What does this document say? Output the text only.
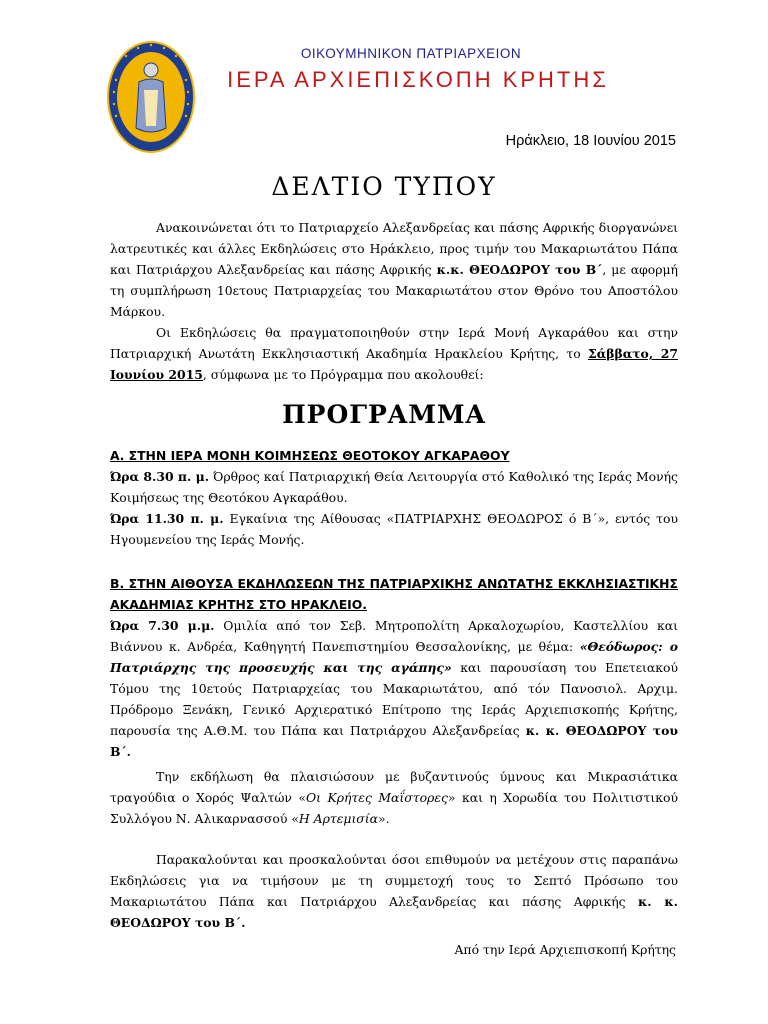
ΟΙΚΟΥΜΗΝΙΚΟΝ ΠΑΤΡΙΑΡΧΕΙΟΝ
ΙΕΡΑ ΑΡΧΙΕΠΙΣΚΟΠΗ ΚΡΗΤΗΣ
Ηράκλειο, 18 Ιουνίου 2015
ΔΕΛΤΙΟ ΤΥΠΟΥ
Ανακοινώνεται ότι το Πατριαρχείο Αλεξανδρείας και πάσης Αφρικής διοργανώνει λατρευτικές και άλλες Εκδηλώσεις στο Ηράκλειο, προς τιμήν του Μακαριωτάτου Πάπα και Πατριάρχου Αλεξανδρείας και πάσης Αφρικής κ.κ. ΘΕΟΔΩΡΟΥ του Β΄, με αφορμή τη συμπλήρωση 10ετους Πατριαρχείας του Μακαριωτάτου στον Θρόνο του Αποστόλου Μάρκου.
Οι Εκδηλώσεις θα πραγματοποιηθούν στην Ιερά Μονή Αγκαράθου και στην Πατριαρχική Ανωτάτη Εκκλησιαστική Ακαδημία Ηρακλείου Κρήτης, το Σάββατο, 27 Ιουνίου 2015, σύμφωνα με το Πρόγραμμα που ακολουθεί:
ΠΡΟΓΡΑΜΜΑ
Α. ΣΤΗΝ ΙΕΡΑ ΜΟΝΗ ΚΟΙΜΗΣΕΩΣ ΘΕΟΤΟΚΟΥ ΑΓΚΑΡΑΘΟΥ
Ώρα 8.30 π. μ. Όρθρος καί Πατριαρχική Θεία Λειτουργία στό Καθολικό της Ιεράς Μονής Κοιμήσεως της Θεοτόκου Αγκαράθου.
Ώρα 11.30 π. μ. Εγκαίνια της Αίθουσας «ΠΑΤΡΙΑΡΧΗΣ ΘΕΟΔΩΡΟΣ ό Β΄», εντός του Ηγουμενείου της Ιεράς Μονής.
Β. ΣΤΗΝ ΑΙΘΟΥΣΑ ΕΚΔΗΛΩΣΕΩΝ ΤΗΣ ΠΑΤΡΙΑΡΧΙΚΗΣ ΑΝΩΤΑΤΗΣ ΕΚΚΛΗΣΙΑΣΤΙΚΗΣ ΑΚΑΔΗΜΙΑΣ ΚΡΗΤΗΣ ΣΤΟ ΗΡΑΚΛΕΙΟ.
Ώρα 7.30 μ.μ. Ομιλία από τον Σεβ. Μητροπολίτη Αρκαλοχωρίου, Καστελλίου και Βιάννου κ. Ανδρέα, Καθηγητή Πανεπιστημίου Θεσσαλονίκης, με θέμα: «Θεόδωρος: ο Πατριάρχης της προσευχής και της αγάπης» και παρουσίαση του Επετειακού Τόμου της 10ετούς Πατριαρχείας του Μακαριωτάτου, από τόν Πανοσιολ. Αρχιμ. Πρόδρομο Ξενάκη, Γενικό Αρχιερατικό Επίτροπο της Ιεράς Αρχιεπισκοπής Κρήτης, παρουσία της Α.Θ.Μ. του Πάπα και Πατριάρχου Αλεξανδρείας κ. κ. ΘΕΟΔΩΡΟΥ του Β΄.
Την εκδήλωση θα πλαισιώσουν με βυζαντινούς ύμνους και Μικρασιάτικα τραγούδια ο Χορός Ψαλτών «Οι Κρήτες Μαΐστορες» και η Χορωδία του Πολιτιστικού Συλλόγου Ν. Αλικαρνασσού «Η Αρτεμισία».
Παρακαλούνται και προσκαλούνται όσοι επιθυμούν να μετέχουν στις παραπάνω Εκδηλώσεις για να τιμήσουν με τη συμμετοχή τους το Σεπτό Πρόσωπο του Μακαριωτάτου Πάπα και Πατριάρχου Αλεξανδρείας και πάσης Αφρικής κ. κ. ΘΕΟΔΩΡΟΥ του Β΄.
Από την Ιερά Αρχιεπισκοπή Κρήτης
